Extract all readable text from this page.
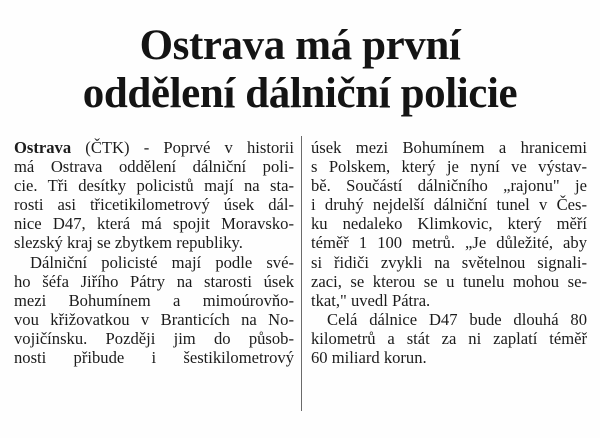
Ostrava má první
oddělení dálniční policie
Ostrava (ČTK) - Poprvé v historii
má Ostrava oddělení dálniční poli-
cie. Tři desítky policistů mají na sta-
rosti asi třicetikilometrový úsek dál-
nice D47, která má spojit Moravsko-
slezský kraj se zbytkem republiky.
Dálniční policisté mají podle své-
ho šéfa Jiřího Pátry na starosti úsek
mezi Bohumínem a mimoúrovňo-
vou křižovatkou v Branticích na No-
vojičínsku. Později jim do působ-
nosti přibude i šestikilometrový
úsek mezi Bohumínem a hranicemi
s Polskem, který je nyní ve výstav-
bě. Součástí dálničního „rajonu" je
i druhý nejdelší dálniční tunel v Čes-
ku nedaleko Klimkovic, který měří
téměř 1 100 metrů. „Je důležité, aby
si řidiči zvykli na světelnou signali-
zaci, se kterou se u tunelu mohou se-
tkat," uvedl Pátra.
Celá dálnice D47 bude dlouhá 80
kilometrů a stát za ni zaplatí téměř
60 miliard korun.
